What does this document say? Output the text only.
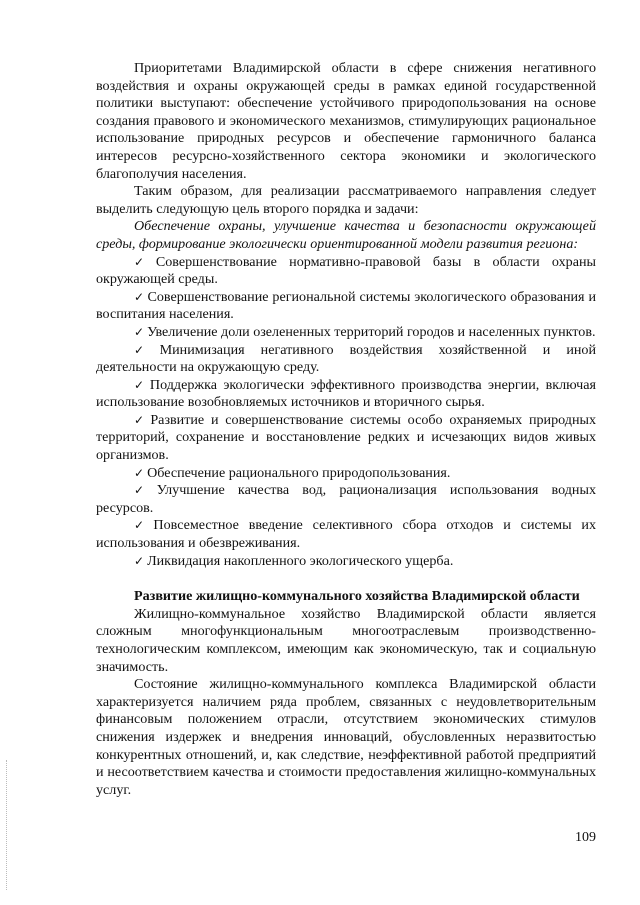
Приоритетами Владимирской области в сфере снижения негативного воздействия и охраны окружающей среды в рамках единой государственной политики выступают: обеспечение устойчивого природопользования на основе создания правового и экономического механизмов, стимулирующих рациональное использование природных ресурсов и обеспечение гармоничного баланса интересов ресурсно-хозяйственного сектора экономики и экологического благополучия населения.

Таким образом, для реализации рассматриваемого направления следует выделить следующую цель второго порядка и задачи:

Обеспечение охраны, улучшение качества и безопасности окружающей среды, формирование экологически ориентированной модели развития региона:

✓ Совершенствование нормативно-правовой базы в области охраны окружающей среды.

✓ Совершенствование региональной системы экологического образования и воспитания населения.

✓ Увеличение доли озелененных территорий городов и населенных пунктов.

✓ Минимизация негативного воздействия хозяйственной и иной деятельности на окружающую среду.

✓ Поддержка экологически эффективного производства энергии, включая использование возобновляемых источников и вторичного сырья.

✓ Развитие и совершенствование системы особо охраняемых природных территорий, сохранение и восстановление редких и исчезающих видов живых организмов.

✓ Обеспечение рационального природопользования.

✓ Улучшение качества вод, рационализация использования водных ресурсов.

✓ Повсеместное введение селективного сбора отходов и системы их использования и обезвреживания.

✓ Ликвидация накопленного экологического ущерба.

Развитие жилищно-коммунального хозяйства Владимирской области

Жилищно-коммунальное хозяйство Владимирской области является сложным многофункциональным многоотраслевым производственно-технологическим комплексом, имеющим как экономическую, так и социальную значимость.

Состояние жилищно-коммунального комплекса Владимирской области характеризуется наличием ряда проблем, связанных с неудовлетворительным финансовым положением отрасли, отсутствием экономических стимулов снижения издержек и внедрения инноваций, обусловленных неразвитостью конкурентных отношений, и, как следствие, неэффективной работой предприятий и несоответствием качества и стоимости предоставления жилищно-коммунальных услуг.

109
